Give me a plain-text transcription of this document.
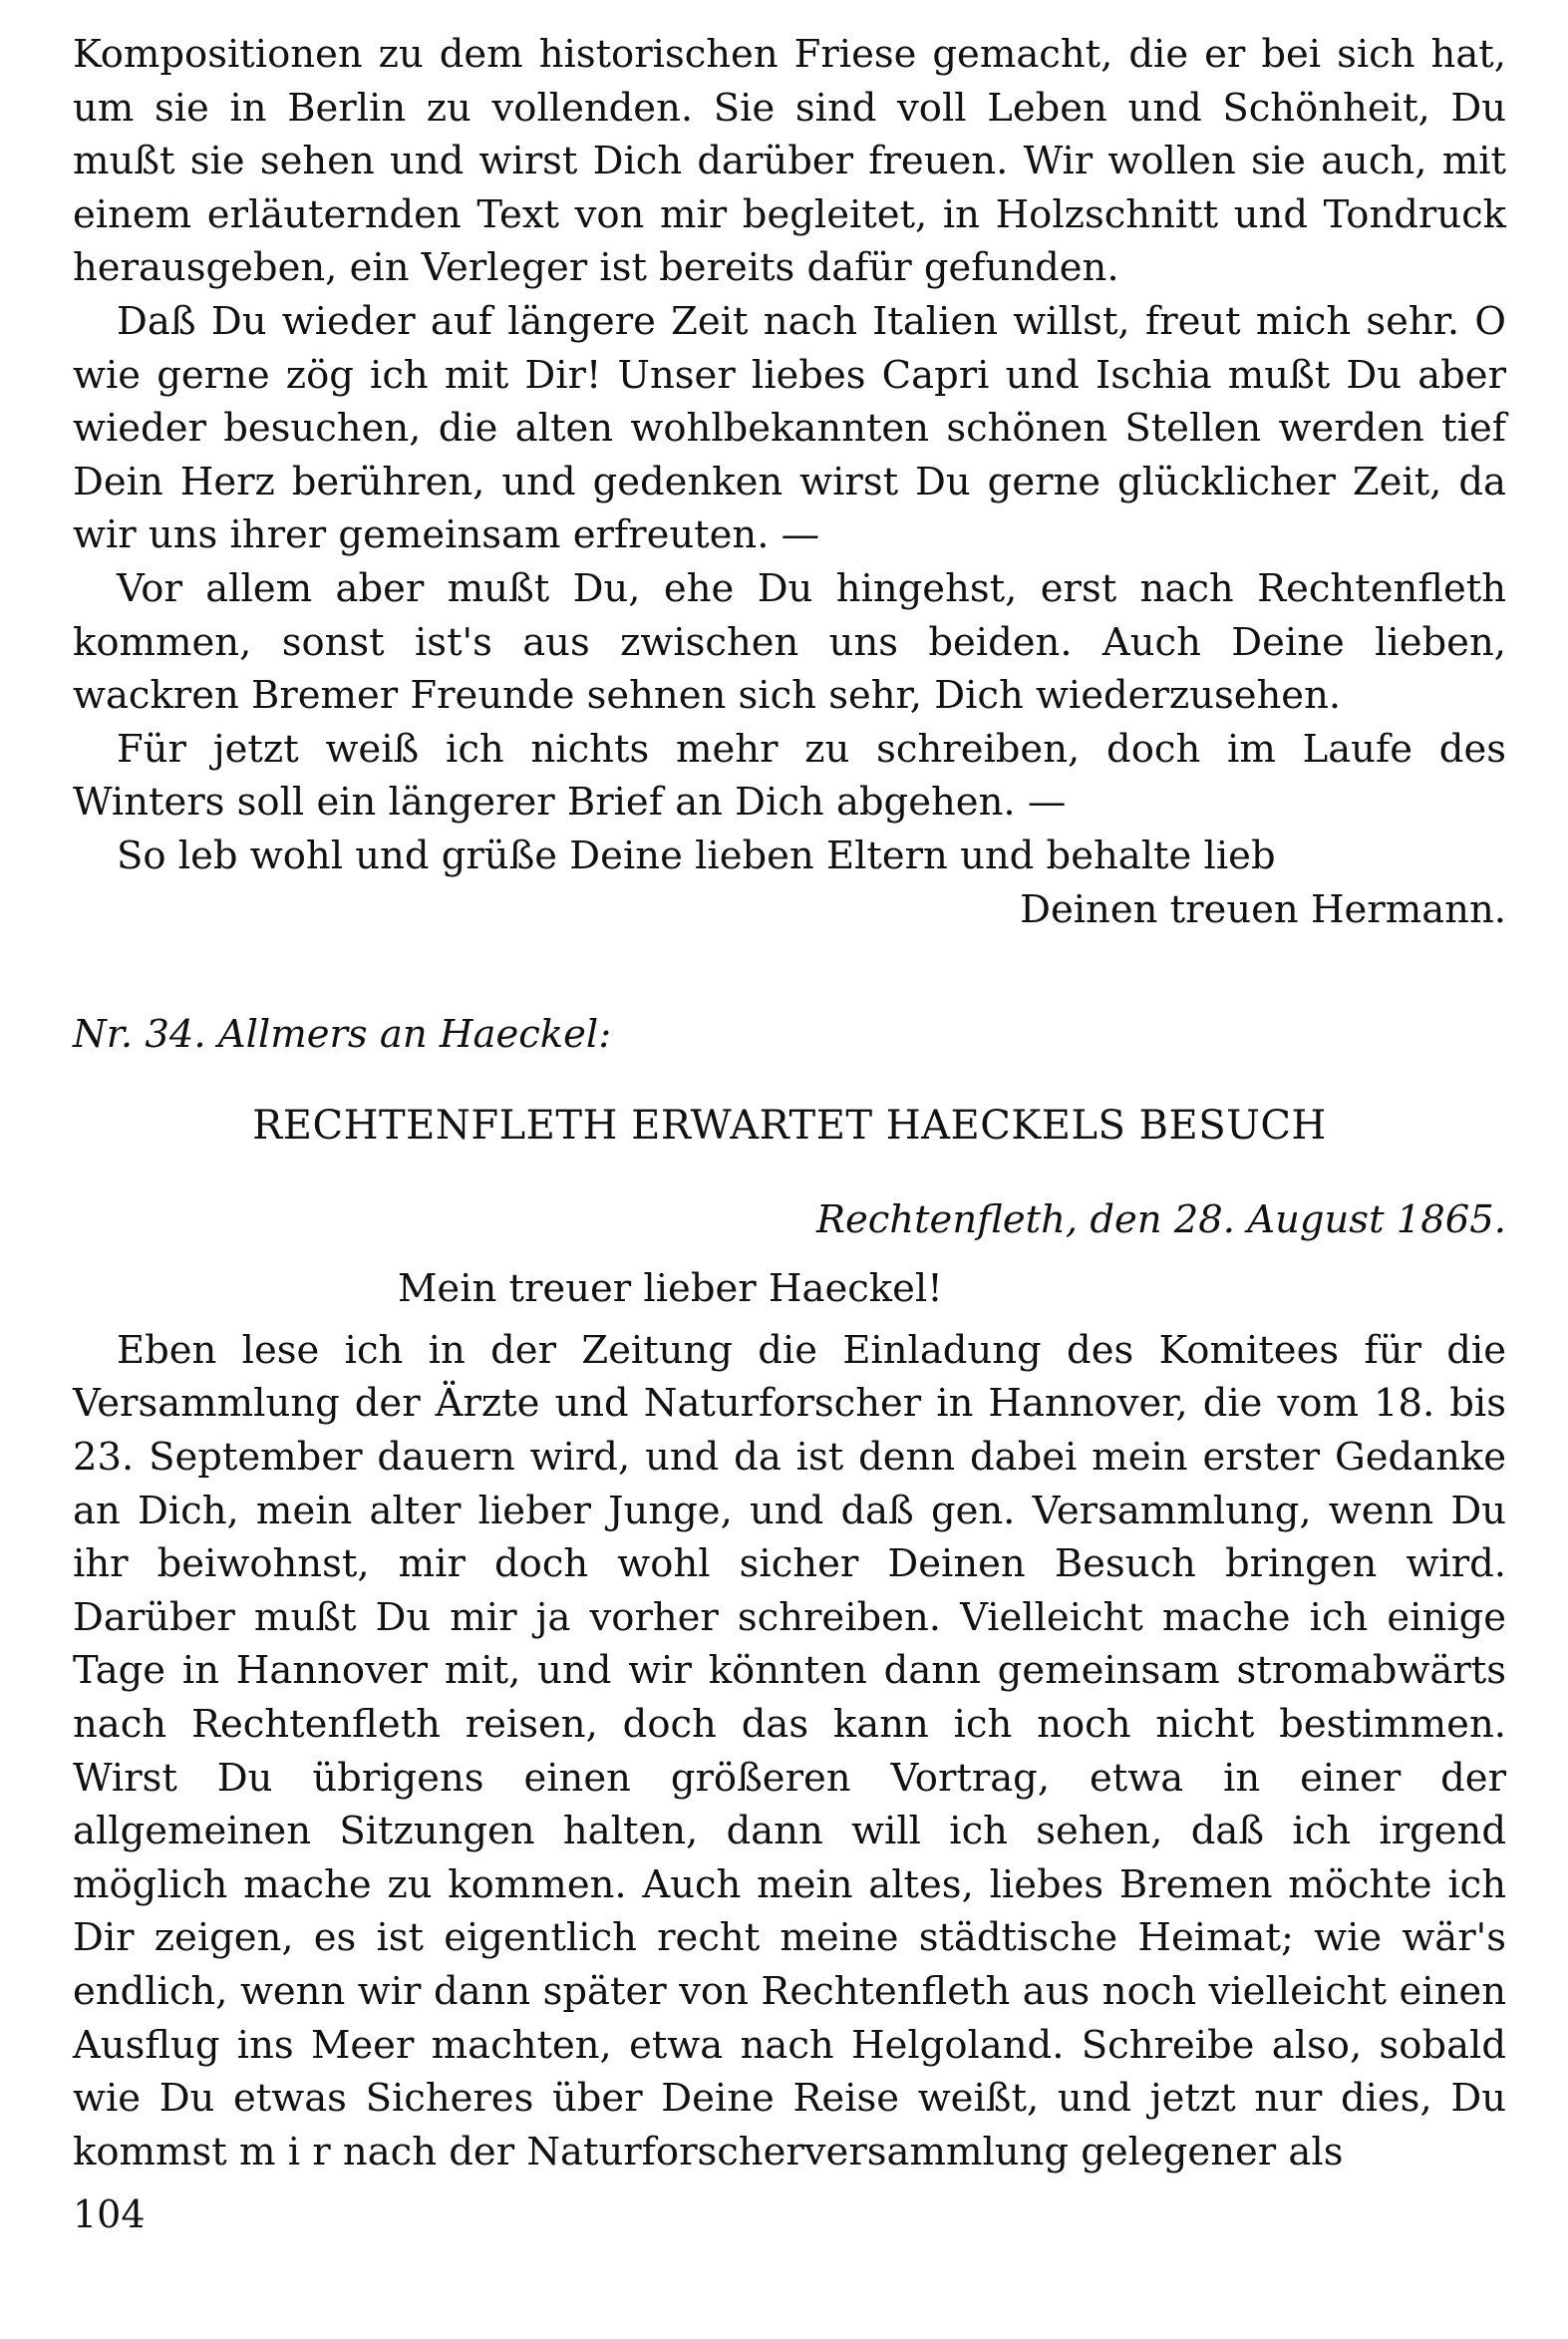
Kompositionen zu dem historischen Friese gemacht, die er bei sich hat, um sie in Berlin zu vollenden. Sie sind voll Leben und Schönheit, Du mußt sie sehen und wirst Dich darüber freuen. Wir wollen sie auch, mit einem erläuternden Text von mir begleitet, in Holzschnitt und Tondruck herausgeben, ein Verleger ist bereits dafür gefunden.

Daß Du wieder auf längere Zeit nach Italien willst, freut mich sehr. O wie gerne zög ich mit Dir! Unser liebes Capri und Ischia mußt Du aber wieder besuchen, die alten wohlbekannten schönen Stellen werden tief Dein Herz berühren, und gedenken wirst Du gerne glücklicher Zeit, da wir uns ihrer gemeinsam erfreuten. —

Vor allem aber mußt Du, ehe Du hingehst, erst nach Rechtenfleth kommen, sonst ist's aus zwischen uns beiden. Auch Deine lieben, wackren Bremer Freunde sehnen sich sehr, Dich wiederzusehen.

Für jetzt weiß ich nichts mehr zu schreiben, doch im Laufe des Winters soll ein längerer Brief an Dich abgehen. —

So leb wohl und grüße Deine lieben Eltern und behalte lieb

Deinen treuen Hermann.

Nr. 34. Allmers an Haeckel:

RECHTENFLETH ERWARTET HAECKELS BESUCH

Rechtenfleth, den 28. August 1865.

Mein treuer lieber Haeckel!

Eben lese ich in der Zeitung die Einladung des Komitees für die Versammlung der Ärzte und Naturforscher in Hannover, die vom 18. bis 23. September dauern wird, und da ist denn dabei mein erster Gedanke an Dich, mein alter lieber Junge, und daß gen. Versammlung, wenn Du ihr beiwohnst, mir doch wohl sicher Deinen Besuch bringen wird. Darüber mußt Du mir ja vorher schreiben. Vielleicht mache ich einige Tage in Hannover mit, und wir könnten dann gemeinsam stromabwärts nach Rechtenfleth reisen, doch das kann ich noch nicht bestimmen. Wirst Du übrigens einen größeren Vortrag, etwa in einer der allgemeinen Sitzungen halten, dann will ich sehen, daß ich irgend möglich mache zu kommen. Auch mein altes, liebes Bremen möchte ich Dir zeigen, es ist eigentlich recht meine städtische Heimat; wie wär's endlich, wenn wir dann später von Rechtenfleth aus noch vielleicht einen Ausflug ins Meer machten, etwa nach Helgoland. Schreibe also, sobald wie Du etwas Sicheres über Deine Reise weißt, und jetzt nur dies, Du kommst m i r nach der Naturforscherversammlung gelegener als

104
